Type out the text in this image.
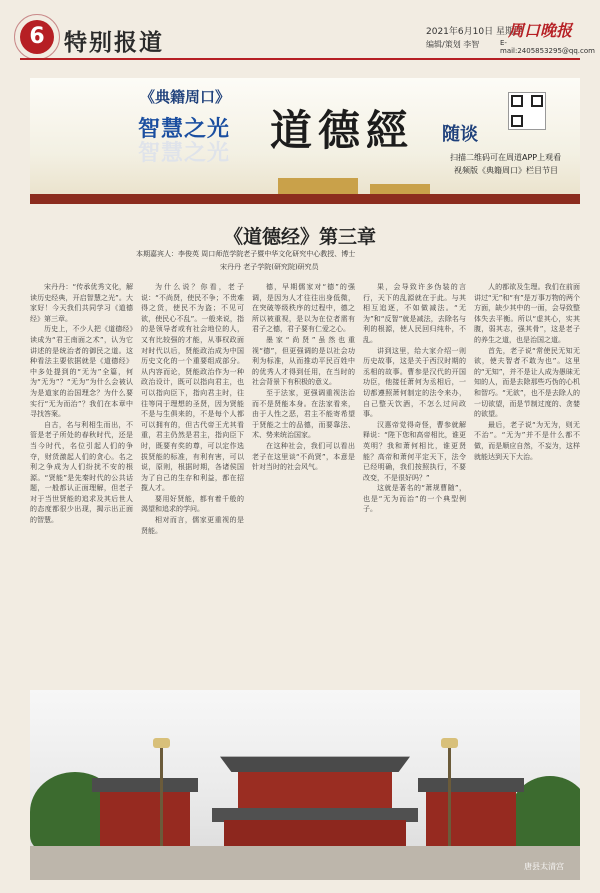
6 特别报道	2021年6月10日 星期四
编辑/策划 李智
周口晚报
E-mail:2405853295@qq.com
《典籍周口》
智慧之光
智慧之光 道德經 随谈
扫描二维码可在周道APP上观看
视频版《典籍周口》栏目节目
《道德经》第三章
本期嘉宾人：李俊英 周口师范学院老子暨中华文化研究中心教授、博士
宋丹丹 老子学院(研究院)研究员

宋丹丹：“传承优秀文化，解读历史经典，开启智慧之光”。大家好！今天我们共同学习《道德经》第三章。

历史上，不少人把《道德经》读成为“君王南面之术”，认为它讲述的是统治者的御民之道。这种看法主要依据就是《道德经》中多处提到的“无为”全篇，何为“无为”？“无为”为什么会被认为是道家的治国理念？为什么要实行“无为而治”？我们在本章中寻找答案。

自古，名与利相生而出，不管是老子所处的春秋时代，还是当今时代，名位引起人们的争夺，财货激起人们的贪心。名之利之争成为人们纷扰不安的根源。“贤能”是先秦时代的公共话题，一般都认正面理解，但老子对于当世贤能的追求及其后世人的态度都很少出现，揭示出正面的智慧。

为什么说？你看，老子说：“不尚贤，使民不争；不贵难得之货，使民不为盗；不见可欲，使民心不乱”。一般来说，指的是领导者或有社会地位的人，又有比较强的才能，从事权政面对时代以后，贤能政治成为中国历史文化的一个重要组成部分。从内容而论，贤能政治作为一种政治设计，既可以指向君主，也可以指向臣下，指向君主时，往往等同于理想的圣贤，因为贤能不是与生俱来的，不是每个人都可以拥有的，但古代帝王尤其看重，君主仍然是君主，指向臣下时，既要有奖的尊，可以定作选拔贤能的标准，有利有害，可以说，原则，根据时期，各诸侯国为了自己的生存和利益，都在招揽人才。

要用好贤能，都有着千般的渴望和追求的学问。

相对而言，儒家更重视的是贤能。

德，早期儒家对“德”的强调，是因为人才往往出身低微，在突破等级秩序的过程中，德之所以被重视，是以为在位者需有君子之德，君子要有仁爱之心。

墨家“尚贤”虽然也重视“德”，但更强调的是以社会功利为标准，从而推动平民百姓中的优秀人才得到任用，在当时的社会背景下有积极的意义。

至于法家，更强调重视法治而不是贤能本身。在法家看来，由于人性之恶，君主不能寄希望于贤能之士的品德，而要靠法、术、势来统治国家。

在这种社会，我们可以看出老子在这里谈“不尚贤”，本意是针对当时的社会风气。

果，会导致许多伪装的言行，天下的乱源就在于此。与其相互追逐，不如做减法。“无为”和“反智”就是减法，去除名与利的根源，使人民回归纯朴，不乱。

讲到这里，给大家介绍一则历史故事，这是关于西汉时期的丞相的故事。曹参是汉代的开国功臣，他接任萧何为丞相后，一切都遵照萧何制定的法令来办，自己整天饮酒，不怎么过问政事。

汉惠帝觉得奇怪，曹参就解释说：“陛下您和高帝相比，谁更英明？我和萧何相比，谁更贤能？高帝和萧何平定天下，法令已经明确，我们按照执行，不要改变，不是很好吗？”

这就是著名的“萧规曹随”，也是“无为而治”的一个典型例子。

人的都欲及生理。我们在前面讲过“无”和“有”是万事万物的两个方面，缺少其中的一面，会导致整体失去平衡。所以“虚其心，实其腹，弱其志，强其骨”，这是老子的养生之道，也是治国之道。

首先，老子说“常使民无知无欲，使夫智者不敢为也”。这里的“无知”，并不是让人成为愚昧无知的人，而是去除那些巧伪的心机和智巧。“无欲”，也不是去除人的一切欲望，而是节制过度的、贪婪的欲望。

最后，老子说“为无为，则无不治”。“无为”并不是什么都不做，而是顺应自然，不妄为，这样就能达到天下大治。

唐县太清宫
